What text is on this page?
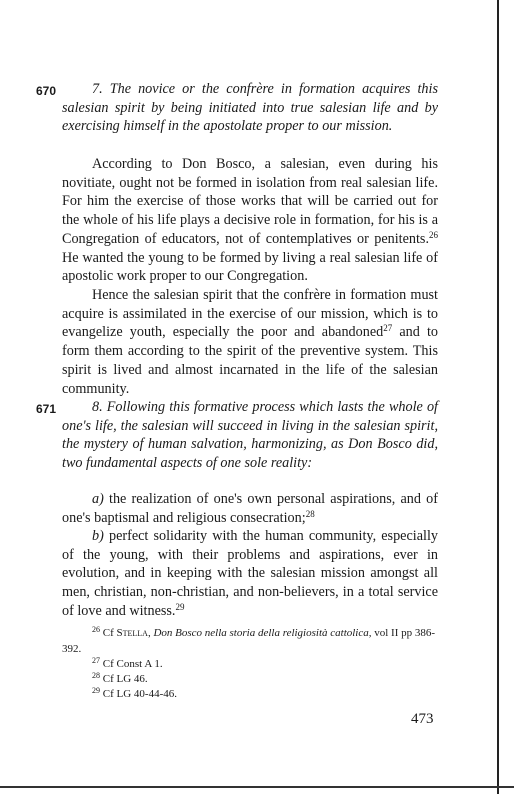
670	7. The novice or the confrère in formation acquires this salesian spirit by being initiated into true salesian life and by exercising himself in the apostolate proper to our mission.

According to Don Bosco, a salesian, even during his novitiate, ought not be formed in isolation from real salesian life. For him the exercise of those works that will be carried out for the whole of his life plays a decisive role in formation, for his is a Congregation of educators, not of contemplatives or penitents.$^{26}$ He wanted the young to be formed by living a real salesian life of apostolic work proper to our Congregation.

Hence the salesian spirit that the confrère in formation must acquire is assimilated in the exercise of our mission, which is to evangelize youth, especially the poor and abandoned$^{27}$ and to form them according to the spirit of the preventive system. This spirit is lived and almost incarnated in the life of the salesian community.

671	8. Following this formative process which lasts the whole of one's life, the salesian will succeed in living in the salesian spirit, the mystery of human salvation, harmonizing, as Don Bosco did, two fundamental aspects of one sole reality:

a) the realization of one's own personal aspirations, and of one's baptismal and religious consecration;$^{28}$

b) perfect solidarity with the human community, especially of the young, with their problems and aspirations, ever in evolution, and in keeping with the salesian mission amongst all men, christian, non-christian, and non-believers, in a total service of love and witness.$^{29}$

$^{26}$ Cf Stella, Don Bosco nella storia della religiosità cattolica, vol II pp 386-392.

$^{27}$ Cf Const A 1.

$^{28}$ Cf LG 46.

$^{29}$ Cf LG 40-44-46.

473
